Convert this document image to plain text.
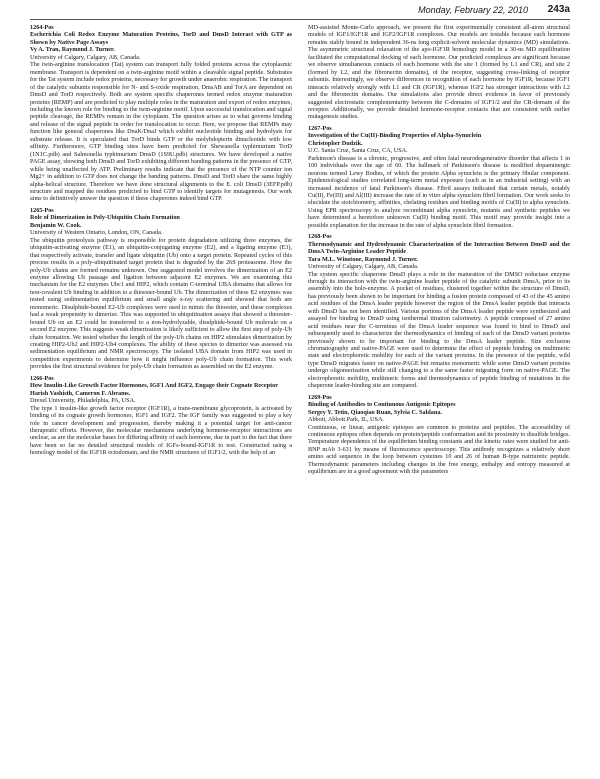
Monday, February 22, 2010 243a
1264-Pos
Escherichia Coli Redox Enzyme Maturation Proteins, TorD and DmsD Interact with GTP as Shown by Native Page Assays
Vy A. Tran, Raymond J. Turner.
University of Calgary, Calgary, AB, Canada.

The twin-arginine translocation (Tat) system can transport fully folded proteins across the cytoplasmic membrane. Transport is dependent on a twin-arginine motif within a cleavable signal peptide. Substrates for the Tat system include redox proteins, necessary for growth under anaerobic respiration. The transport of the catalytic subunits responsible for N- and S-oxide respiration, DmsAB and TorA are dependent on DmsD and TorD respectively. Both are system specific chaperones termed redox enzyme maturation proteins (REMP) and are predicted to play multiple roles in the maturation and export of redox enzymes, including the known role for binding to the twin-arginine motif. Upon successful translocation and signal peptide cleavage, the REMPs remain in the cytoplasm. The question arises as to what governs binding and release of the signal peptide in order for translocation to occur. Here, we propose that REMPs may function like general chaperones like DnaK/DnaJ which exhibit nucleotide binding and hydrolysis for substrate release. It is speculated that TorD binds GTP or the molybdopterin dinucleotide with low affinity. Furthermore, GTP binding sites have been predicted for Shewanella typhimurium TorD (1N1C.pdb) and Salmonella typhimurium DmsD (1S9U.pdb) structures. We have developed a native PAGE assay, showing both DmsD and TorD exhibiting different banding patterns in the presence of GTP, while being unaffected by ATP. Preliminary results indicate that the presence of the NTP counter ion Mg2+ in addition to GTP does not change the banding patterns. DmsD and TorD share the same highly alpha-helical structure. Therefore we have done structural alignments to the E. coli DmsD (3EFP.pdb) structure and mapped the residues predicted to bind GTP to identify targets for mutagenesis. Our work aims to definitively answer the question if these chaperones indeed bind GTP.

1265-Pos
Role of Dimerization in Poly-Ubiquitin Chain Formation
Benjamin W. Cook.
University of Western Ontario, London, ON, Canada.

The ubiquitin proteolysis pathway is responsible for protein degradation utilizing three enzymes, the ubiquitin-activating enzyme (E1), an ubiquitin-conjugating enzyme (E2), and a ligating enzyme (E3), that respectively activate, transfer and ligate ubiquitin (Ub) onto a target protein. Repeated cycles of this process results in a poly-ubiquitinated target protein that is degraded by the 26S proteasome. How the poly-Ub chains are formed remains unknown. One suggested model involves the dimerization of an E2 enzyme allowing Ub passage and ligation between adjacent E2 enzymes. We are examining this mechanism for the E2 enzymes Ubc1 and HIP2, which contain C-terminal UBA domains that allows for non-covalent Ub binding in addition to a thioester-bound Ub. The dimerization of these E2 enzymes was tested using sedimentation equilibrium and small angle x-ray scattering and showed that both are monomeric. Disulphide-bound E2-Ub complexes were used to mimic the thioester, and these complexes had a weak propensity to dimerize. This was supported in ubiquitination assays that showed a thioester-bound Ub on an E2 could be transferred to a non-hydrolyzable, disulphide-bound Ub molecule on a second E2 enzyme. This suggests weak dimerization is likely sufficient to allow the first step of poly-Ub chain formation. We tested whether the length of the poly-Ub chains on HIP2 stimulates dimerization by creating HIP2-Ub2 and HIP2-Ub4 complexes. The ability of these species to dimerize was assessed via sedimentation equilibrium and NMR spectroscopy. The isolated UBA domain from HIP2 was used in competition experiments to determine how it might influence poly-Ub chain formation. This work provides the first structural evidence for poly-Ub chain formation as assembled on the E2 enzyme.

1266-Pos
How Insulin-Like Growth Factor Hormones, IGF1 And IGF2, Engage their Cognate Receptor
Harish Vashisth, Cameron F. Abrams.
Drexel University, Philadelphia, PA, USA.

The type 1 insulin-like growth factor receptor (IGF1R), a trans-membrane glycoprotein, is activated by binding of its cognate growth hormones, IGF1 and IGF2. The IGF family was suggested to play a key role in cancer development and progression, thereby making it a potential target for anti-cancer therapeutic efforts. However, the molecular mechanisms underlying hormone-receptor interactions are unclear, as are the molecular bases for differing affinity of each hormone, due in part to the fact that there have been so far no detailed structural models of IGFs-bound-IGF1R to test. Constructed using a homology model of the IGF1R ectodomain, and the NMR structures of IGF1/2, with the help of an

MD-assisted Monte-Carlo approach, we present the first experimentally consistent all-atom structural models of IGF1/IGF1R and IGF2/IGF1R complexes. Our models are testable because each hormone remains stably bound in independent 36-ns long explicit-solvent molecular dynamics (MD) simulations. The asymmetric structural relaxation of the apo-IGF1R homology model in a 30-ns MD equilibration facilitated the computational docking of each hormone. Our predicted complexes are significant because we observe simultaneous contacts of each hormone with the site 1 (formed by L1 and CR), and site 2 (formed by L2, and the fibronectin domains), of the receptor, suggesting cross-linking of receptor subunits. Interestingly, we observe differences in recognition of each hormone by IGF1R, because IGF1 interacts relatively strongly with L1 and CR (IGF1R), whereas IGF2 has stronger interactions with L2 and the fibronectin domains. Our simulations also provide direct evidence in favor of previously suggested electrostatic complementarity between the C-domains of IGF1/2 and the CR-domain of the receptor. Additionally, we provide detailed hormone-receptor contacts that are consistent with earlier mutagenesis studies.

1267-Pos
Investigation of the Cu(II)-Binding Properties of Alpha-Synuclein
Christopher Dudzik.
U.C. Santa Cruz, Santa Cruz, CA, USA.

Parkinson's disease is a chronic, progressive, and often fatal neurodegenerative disorder that affects 1 in 100 individuals over the age of 60. The hallmark of Parkinson's disease is modified dopaminergic neurons termed Lewy Bodies, of which the protein Alpha synuclein is the primary fibular component. Epidemiological studies correlated long-term metal exposure (such as in an industrial setting) with an increased incidence of fatal Parkinson's disease. Fibril assays indicated that certain metals, notably Cu(II), Fe(III) and Al(III) increase the rate of in vitro alpha synuclein fibril formation. Our work seeks to elucidate the stoichiometry, affinities, chelating residues and binding motifs of Cu(II) to alpha synuclein. Using EPR spectroscopy to analyze recombinant alpha synuclein, mutants and synthetic peptides we have determined a heretofore unknown Cu(II) binding motif. This motif may provide insight into a possible explanation for the increase in the rate of alpha synuclein fibril formation.

1268-Pos
Thermodynamic and Hydrodynamic Characterization of the Interaction Between DmsD and the DmsA Twin-Arginine Leader Peptide
Tara M.L. Winstone, Raymond J. Turner.
University of Calgary, Calgary, AB, Canada.

The system specific chaperone DmsD plays a role in the maturation of the DMSO reductase enzyme through its interaction with the twin-arginine leader peptide of the catalytic subunit DmsA, prior to its assembly into the holo-enzyme. A pocket of residues, clustered together within the structure of DmsD, has previously been shown to be important for binding a fusion protein composed of 43 of the 45 amino acid residues of the DmsA leader peptide however the region of the DmsA leader peptide that interacts with DmsD has not been identified. Various portions of the DmsA leader peptide were synthesized and assayed for binding to DmsD using isothermal titration calorimetry. A peptide composed of 27 amino acid residues near the C-terminus of the DmsA leader sequence was found to bind to DmsD and subsequently used to characterize the thermodynamics of binding of each of the DmsD variant proteins previously shown to be important for binding to the DmsA leader peptide. Size exclusion chromatography and native-PAGE were used to determine the effect of peptide binding on multimeric state and electrophoretic mobility for each of the variant proteins. In the presence of the peptide, wild type DmsD migrates faster on native-PAGE but remains monomeric while some DmsD variant proteins undergo oligomerization while still changing to a the same faster migrating form on native-PAGE. The electrophoretic mobility, multimeric forms and thermodynamics of peptide binding of mutations in the chaperone leader-binding site are compared.

1269-Pos
Binding of Antibodies to Continuous Antigenic Epitopes
Sergey Y. Tetin, Qiaoqiao Ruan, Sylvia C. Saldana.
Abbott, Abbott Park, IL, USA.

Continuous, or linear, antigenic epitopes are common to proteins and peptides. The accessibility of continuous epitopes often depends on protein/peptide conformation and its proximity to disulfide bridges. Temperature dependence of the equilibrium binding constants and the kinetic rates were studied for anti-BNP mAb 3-631 by means of fluorescence spectroscopy. This antibody recognizes a relatively short amino acid sequence in the loop between cysteines 10 and 26 of human B-type natriuretic peptide. Thermodynamic parameters including changes in the free energy, enthalpy and entropy measured at equilibrium are in a good agreement with the parameters
